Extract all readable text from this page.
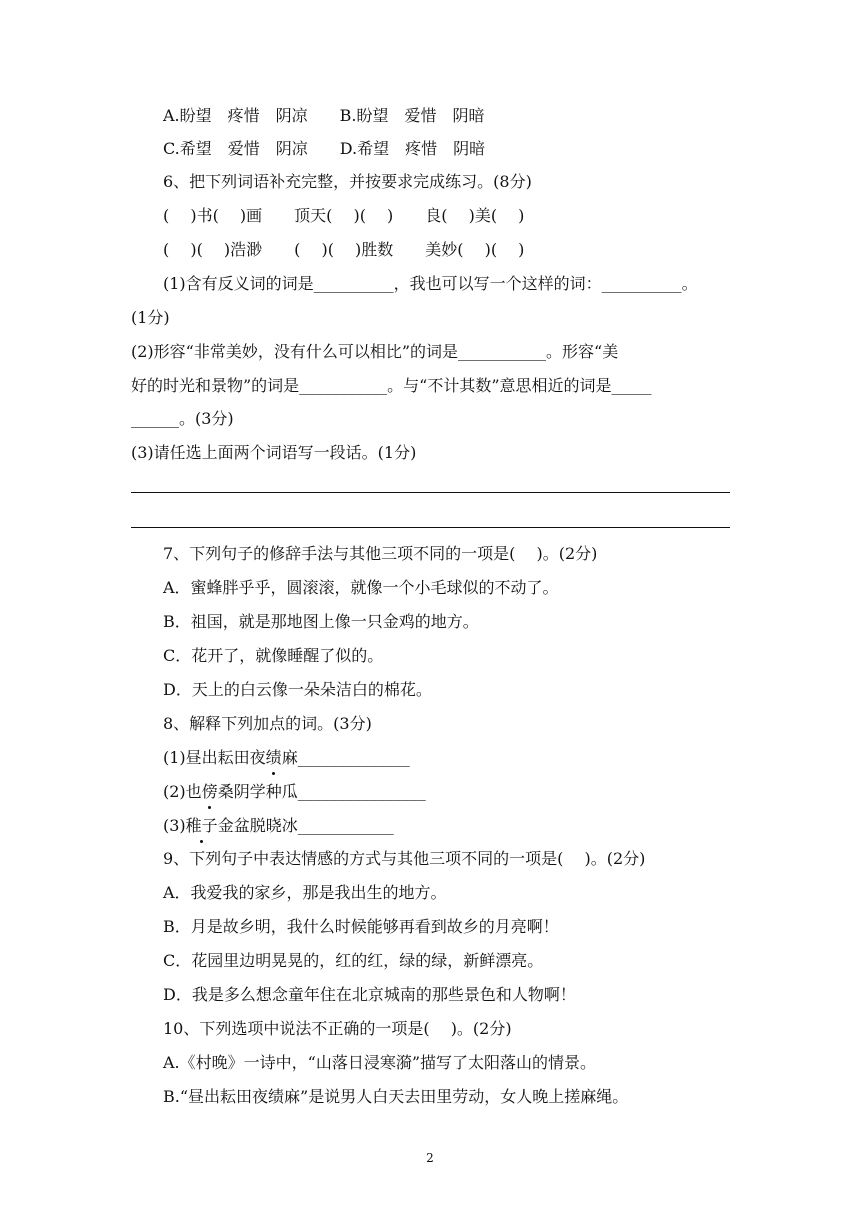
A.盼望　疼惜　阴凉　　B.盼望　爱惜　阴暗
C.希望　爱惜　阴凉　　D.希望　疼惜　阴暗
6、把下列词语补充完整，并按要求完成练习。(8分)
(　 )书(　 )画　　顶天(　 )(　 )　　良(　 )美(　 )
(　 )(　 )浩渺　　(　 )(　 )胜数　　美妙(　 )(　 )
(1)含有反义词的词是__________，我也可以写一个这样的词：__________。
(1分)
(2)形容“非常美妙，没有什么可以相比”的词是___________。形容“美
好的时光和景物”的词是___________。与“不计其数”意思相近的词是_____
______。(3分)
(3)请任选上面两个词语写一段话。(1分)
7、下列句子的修辞手法与其他三项不同的一项是(　 )。(2分)
A．蜜蜂胖乎乎，圆滚滚，就像一个小毛球似的不动了。
B．祖国，就是那地图上像一只金鸡的地方。
C．花开了，就像睡醒了似的。
D．天上的白云像一朵朵洁白的棉花。
8、解释下列加点的词。(3分)
(1)昼出耘田夜绩麻______________
(2)也傍桑阴学种瓜________________
(3)稚子金盆脱晓冰____________
9、下列句子中表达情感的方式与其他三项不同的一项是(　 )。(2分)
A．我爱我的家乡，那是我出生的地方。
B．月是故乡明，我什么时候能够再看到故乡的月亮啊！
C．花园里边明晃晃的，红的红，绿的绿，新鲜漂亮。
D．我是多么想念童年住在北京城南的那些景色和人物啊！
10、下列选项中说法不正确的一项是(　 )。(2分)
A.《村晚》一诗中，“山落日浸寒漪”描写了太阳落山的情景。
B.“昼出耘田夜绩麻”是说男人白天去田里劳动，女人晚上搓麻绳。
2
